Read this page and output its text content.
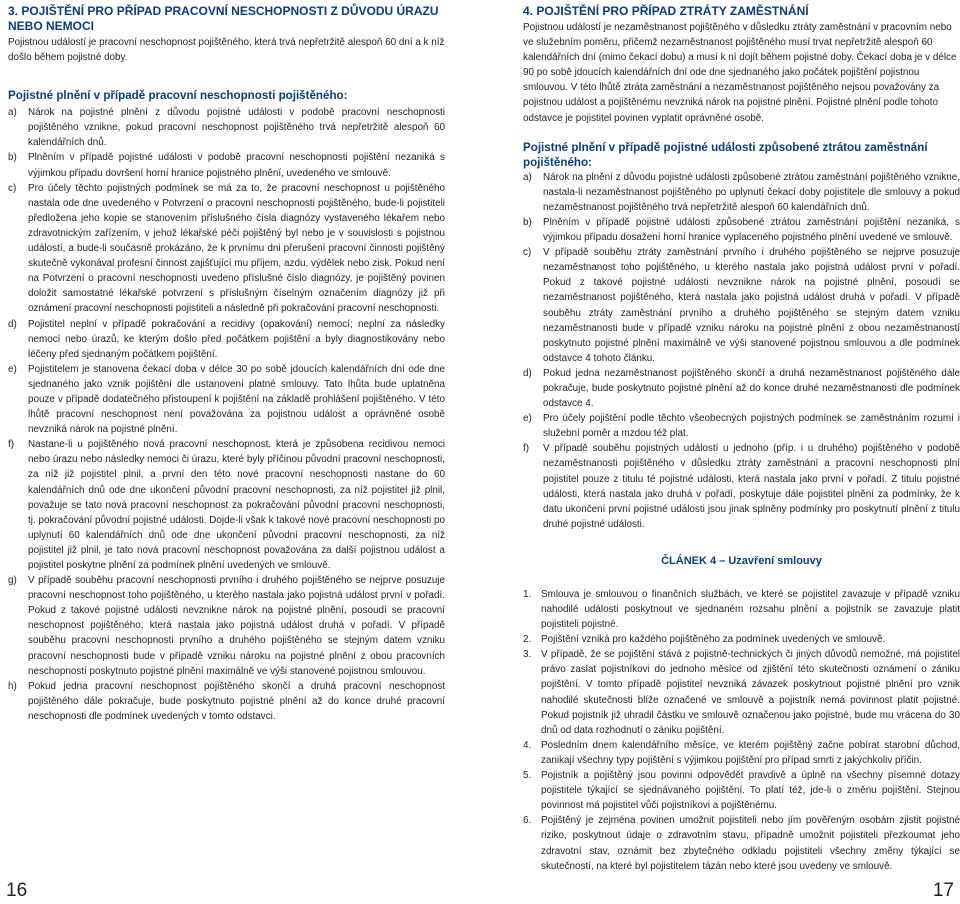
3. POJIŠTĚNÍ PRO PŘÍPAD PRACOVNÍ NESCHOPNOSTI Z DŮVODU ÚRAZU NEBO NEMOCI

Pojistnou událostí je pracovní neschopnost pojištěného, která trvá nepřetržitě alespoň 60 dní a k níž došlo během pojistné doby.

Pojistné plnění v případě pracovní neschopnosti pojištěného:
a)	Nárok na pojistné plnění z důvodu pojistné události v podobě pracovní neschopnosti pojištěného vznikne, pokud pracovní neschopnost pojištěného trvá nepřetržitě alespoň 60 kalendářních dnů.
b)	Plněním v případě pojistné události v podobě pracovní neschopnosti pojištění nezaniká s výjimkou případu dovršení horní hranice pojistného plnění, uvedeného ve smlouvě.
c)	Pro účely těchto pojistných podmínek se má za to, že pracovní neschopnost u pojištěného nastala ode dne uvedeného v Potvrzení o pracovní neschopnosti pojištěného, bude-li pojistiteli předložena jeho kopie se stanovením příslušného čísla diagnózy vystaveného lékařem nebo zdravotnickým zařízením, v jehož lékařské péči pojištěný byl nebo je v souvislosti s pojistnou událostí, a bude-li současně prokázáno, že k prvnímu dni přerušení pracovní činnosti pojištěný skutečně vykonával profesní činnost zajišťující mu příjem, azdu, výdělek nebo zisk. Pokud není na Potvrzení o pracovní neschopnosti uvedeno příslušné číslo diagnózy, je pojištěný povinen doložit samostatné lékařské potvrzení s příslušným číselným označením diagnózy již při oznámení pracovní neschopnosti pojistiteli a následně při pokračování pracovní neschopnosti.
d)	Pojistitel neplní v případě pokračování a recidivy (opakování) nemocí; neplní za následky nemocí nebo úrazů, ke kterým došlo před počátkem pojištění a byly diagnostikovány nebo léčeny před sjednaným počátkem pojištění.
e)	Pojistitelem je stanovena čekací doba v délce 30 po sobě jdoucích kalendářních dní ode dne sjednaného jako vznik pojištění dle ustanovení platné smlouvy. Tato lhůta bude uplatněna pouze v případě dodatečného přistoupení k pojištění na základě prohlášení pojištěného. V této lhůtě pracovní neschopnost není považována za pojistnou událost a oprávněné osobě nevzniká nárok na pojistné plnění.
f)	Nastane-li u pojištěného nová pracovní neschopnost, která je způsobena recidivou nemoci nebo úrazu nebo následky nemoci či úrazu, které byly příčinou původní pracovní neschopnosti, za níž již pojistitel plnil, a první den této nové pracovní neschopnosti nastane do 60 kalendářních dnů ode dne ukončení původní pracovní neschopnosti, za níž pojistitel již plnil, považuje se tato nová pracovní neschopnost za pokračování původní pracovní neschopnosti, tj. pokračování původní pojistné události. Dojde-li však k takové nové pracovní neschopnosti po uplynutí 60 kalendářních dnů ode dne ukončení původní pracovní neschopnosti, za níž pojistitel již plnil, je tato nová pracovní neschopnost považována za další pojistnou událost a pojistitel poskytne plnění za podmínek plnění uvedených ve smlouvě.
g)	V případě souběhu pracovní neschopnosti prvního i druhého pojištěného se nejprve posuzuje pracovní neschopnost toho pojištěného, u kterého nastala jako pojistná událost první v pořadí. Pokud z takové pojistné události nevznikne nárok na pojistné plnění, posoudí se pracovní neschopnost pojištěného, která nastala jako pojistná událost druhá v pořadí. V případě souběhu pracovní neschopnosti prvního a druhého pojištěného se stejným datem vzniku pracovní neschopnosti bude v případě vzniku nároku na pojistné plnění z obou pracovních neschopností poskytnuto pojistné plnění maximálně ve výši stanovené pojistnou smlouvou.
h)	Pokud jedna pracovní neschopnost pojištěného skončí a druhá pracovní neschopnost pojištěného dále pokračuje, bude poskytnuto pojistné plnění až do konce druhé pracovní neschopnosti dle podmínek uvedených v tomto odstavci.
4. POJIŠTĚNÍ PRO PŘÍPAD ZTRÁTY ZAMĚSTNÁNÍ

Pojistnou událostí je nezaměstnanost pojištěného v důsledku ztráty zaměstnání v pracovním nebo ve služebním poměru, přičemž nezaměstnanost pojištěného musí trvat nepřetržitě alespoň 60 kalendářních dní (mimo čekací dobu) a musí k ní dojít během pojistné doby. Čekací doba je v délce 90 po sobě jdoucích kalendářních dní ode dne sjednaného jako počátek pojištění pojistnou smlouvou. V této lhůtě ztráta zaměstnání a nezaměstnanost pojištěného nejsou považovány za pojistnou událost a pojištěnému nevzniká nárok na pojistné plnění. Pojistné plnění podle tohoto odstavce je pojistitel povinen vyplatit oprávněné osobě.

Pojistné plnění v případě pojistné události způsobené ztrátou zaměstnání pojištěného:
a)	Nárok na plnění z důvodu pojistné události způsobené ztrátou zaměstnání pojištěného vznikne, nastala-li nezaměstnanost pojištěného po uplynutí čekací doby pojistitele dle smlouvy a pokud nezaměstnanost pojištěného trvá nepřetržitě alespoň 60 kalendářních dnů.
b)	Plněním v případě pojistné události způsobené ztrátou zaměstnání pojištění nezaniká, s výjimkou případu dosažení horní hranice vyplaceného pojistného plnění uvedené ve smlouvě.
c)	V případě souběhu ztráty zaměstnání prvního i druhého pojištěného se nejprve posuzuje nezaměstnanost toho pojištěného, u kterého nastala jako pojistná událost první v pořadí. Pokud z takové pojistné události nevznikne nárok na pojistné plnění, posoudí se nezaměstnanost pojištěného, která nastala jako pojistná událost druhá v pořadí. V případě souběhu ztráty zaměstnání prvního a druhého pojištěného se stejným datem vzniku nezaměstnanosti bude v případě vzniku nároku na pojistné plnění z obou nezaměstnaností poskytnuto pojistné plnění maximálně ve výši stanovené pojistnou smlouvou a dle podmínek odstavce 4 tohoto článku.
d)	Pokud jedna nezaměstnanost pojištěného skončí a druhá nezaměstnanost pojištěného dále pokračuje, bude poskytnuto pojistné plnění až do konce druhé nezaměstnanosti dle podmínek odstavce 4.
e)	Pro účely pojištění podle těchto všeobecných pojistných podmínek se zaměstnáním rozumí i služební poměr a mzdou též plat.
f)	V případě souběhu pojistných událostí u jednoho (příp. i u druhého) pojištěného v podobě nezaměstnanosti pojištěného v důsledku ztráty zaměstnání a pracovní neschopnosti plní pojistitel pouze z titulu té pojistné události, která nastala jako první v pořadí. Z titulu pojistné události, která nastala jako druhá v pořadí, poskytuje dále pojistitel plnění za podmínky, že k datu ukončení první pojistné události jsou jinak splněny podmínky pro poskytnutí plnění z titulu druhé pojistné události.
ČLÁNEK 4 – Uzavření smlouvy
1. Smlouva je smlouvou o finančních službách, ve které se pojistitel zavazuje v případě vzniku nahodilé události poskytnout ve sjednaném rozsahu plnění a pojistník se zavazuje platit pojistiteli pojistné.
2. Pojištění vzniká pro každého pojištěného za podmínek uvedených ve smlouvě.
3. V případě, že se pojištění stává z pojistně-technických či jiných důvodů nemožné, má pojistitel právo zaslat pojistníkovi do jednoho měsíce od zjištění této skutečnosti oznámení o zániku pojištění. V tomto případě pojistitel nevzniká závazek poskytnout pojistné plnění pro vznik nahodilé skutečnosti blíže označené ve smlouvě a pojistník nemá povinnost platit pojistné. Pokud pojistník již uhradil částku ve smlouvě označenou jako pojistné, bude mu vrácena do 30 dnů od data rozhodnutí o zániku pojištění.
4. Posledním dnem kalendářního měsíce, ve kterém pojištěný začne pobírat starobní důchod, zanikají všechny typy pojištění s výjimkou pojištění pro případ smrti z jakýchkoliv příčin.
5. Pojistník a pojištěný jsou povinni odpovědět pravdivě a úplně na všechny písemné dotazy pojistitele týkající se sjednávaného pojištění. To platí též, jde-li o změnu pojištění. Stejnou povinnost má pojistitel vůči pojistníkovi a pojištěnému.
6. Pojištěný je zejména povinen umožnit pojistiteli nebo jím pověřeným osobám zjistit pojistné riziko, poskytnout údaje o zdravotním stavu, případně umožnit pojistiteli přezkoumat jeho zdravotní stav, oznámit bez zbytečného odkladu pojistiteli všechny změny týkající se skutečností, na které byl pojistitelem tázán nebo které jsou uvedeny ve smlouvě.
16	17
